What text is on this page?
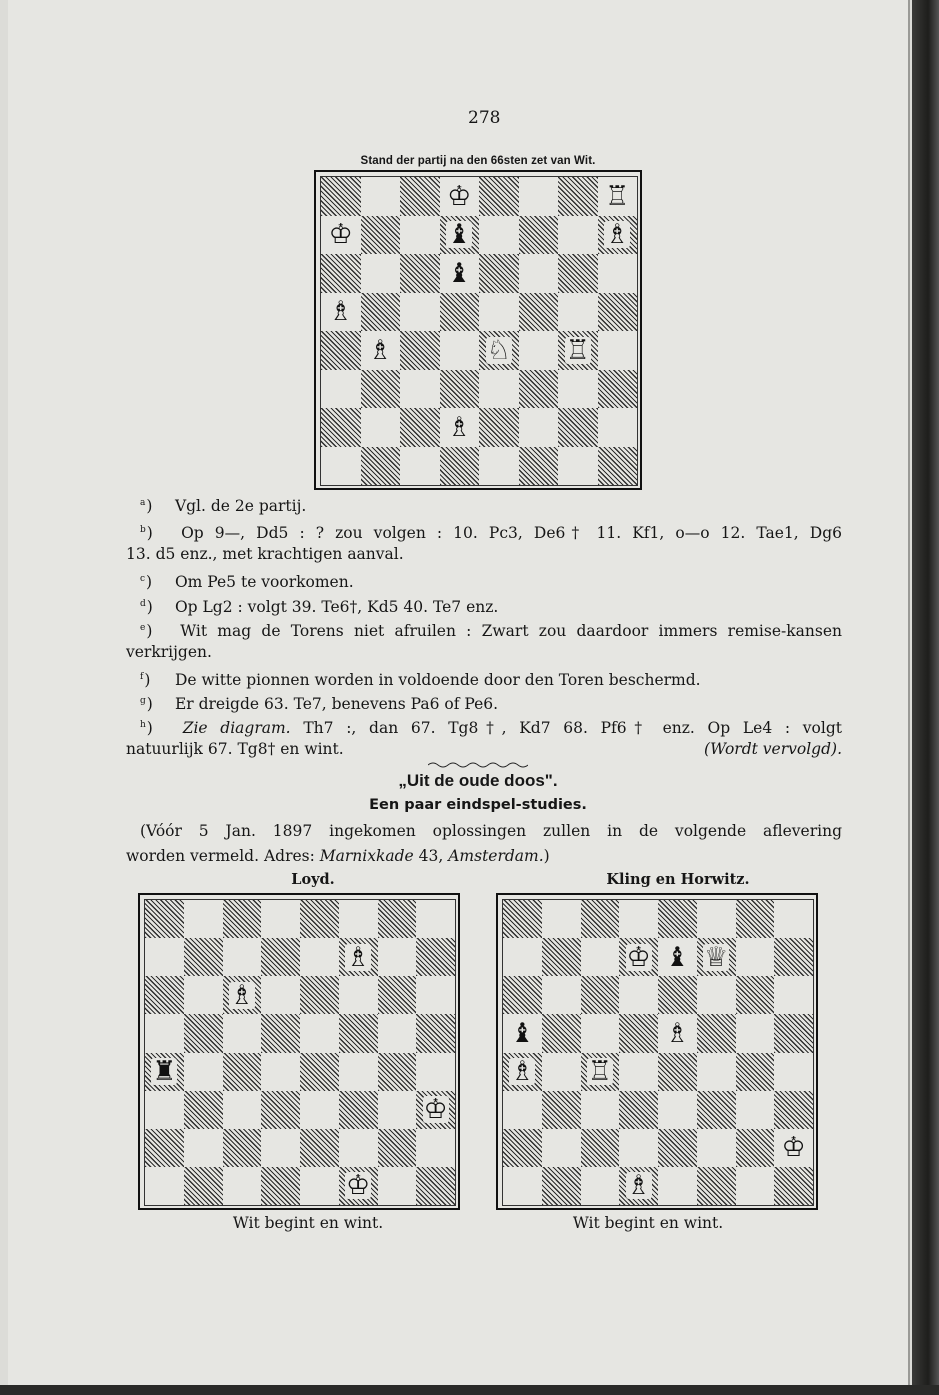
278
Stand der partij na den 66sten zet van Wit.
♔	♖
♔	♝	♗
♝
♗
♗	♘ ♖
♗
$^a$) Vgl. de 2e partij.
$^b$) Op 9—, Dd5 : ? zou volgen : 10. Pc3, De6† 11. Kf1, o—o 12. Tae1, Dg6
13. d5 enz., met krachtigen aanval.
$^c$) Om Pe5 te voorkomen.
$^d$) Op Lg2 : volgt 39. Te6†, Kd5 40. Te7 enz.
$^e$) Wit mag de Torens niet afruilen : Zwart zou daardoor immers remise-kansen
verkrijgen.
$^f$) De witte pionnen worden in voldoende door den Toren beschermd.
$^g$) Er dreigde 63. Te7, benevens Pa6 of Pe6.
$^h$) Zie diagram. Th7 :, dan 67. Tg8†, Kd7 68. Pf6† enz. Op Le4 : volgt
natuurlijk 67. Tg8† en wint.	(Wordt vervolgd).
„Uit de oude doos".
Een paar eindspel-studies.
(Vóór 5 Jan. 1897 ingekomen oplossingen zullen in de volgende aflevering
worden vermeld. Adres: Marnixkade 43, Amsterdam.)
Loyd.	Kling en Horwitz.
♗
♗
♜
♔
♔
♔ ♝ ♕
♝	♗
♗ ♖
♔
♗
Wit begint en wint.	Wit begint en wint.
